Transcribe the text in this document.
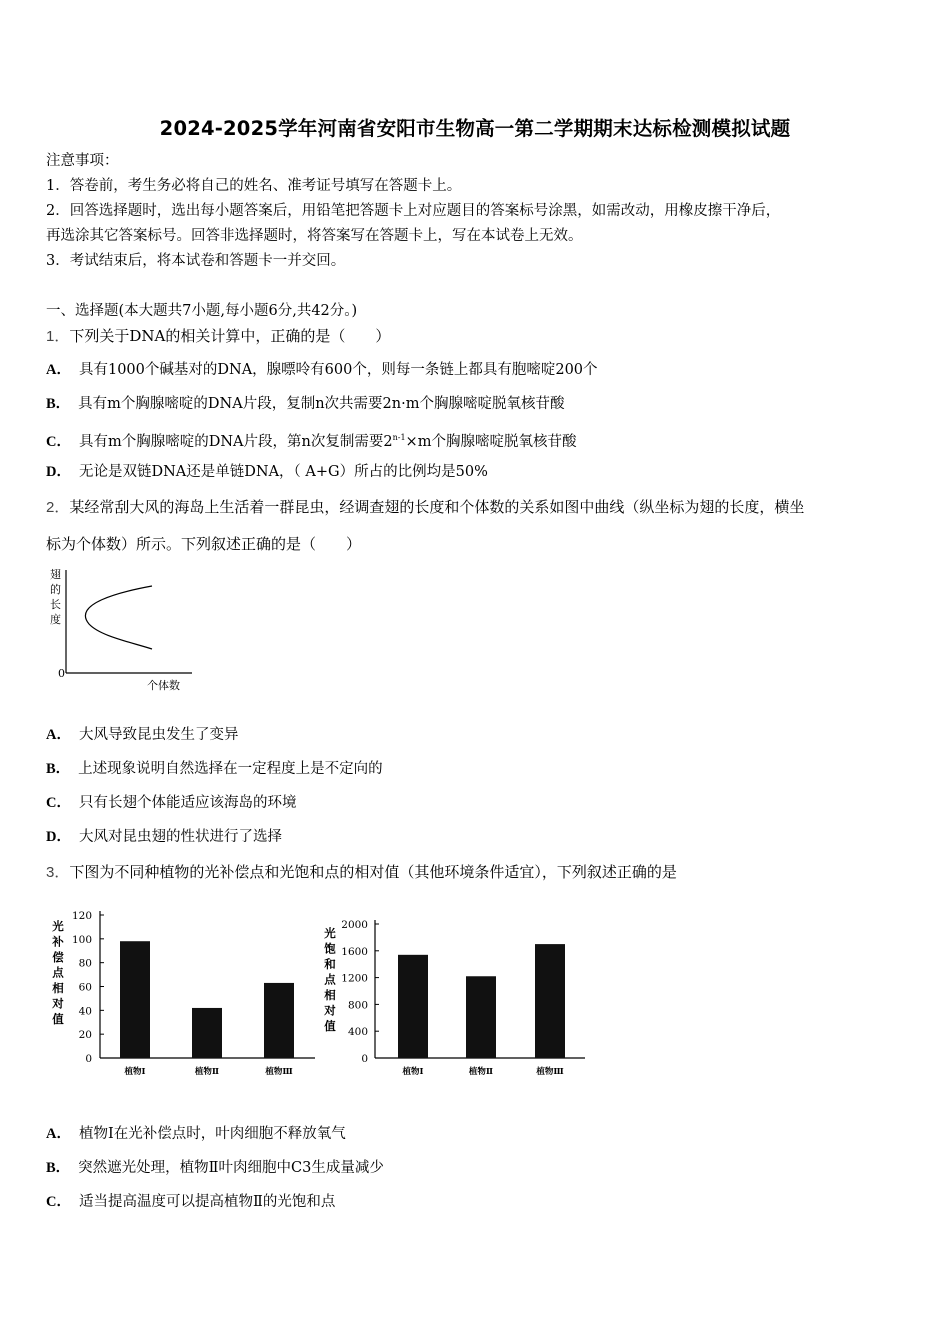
2024-2025学年河南省安阳市生物高一第二学期期末达标检测模拟试题
注意事项：
1．答卷前，考生务必将自己的姓名、准考证号填写在答题卡上。
2．回答选择题时，选出每小题答案后，用铅笔把答题卡上对应题目的答案标号涂黑，如需改动，用橡皮擦干净后，
再选涂其它答案标号。回答非选择题时，将答案写在答题卡上，写在本试卷上无效。
3．考试结束后，将本试卷和答题卡一并交回。
一、选择题(本大题共7小题,每小题6分,共42分。)
1．下列关于DNA的相关计算中，正确的是（　　）
A． 具有1000个碱基对的DNA，腺嘌呤有600个，则每一条链上都具有胞嘧啶200个
B． 具有m个胸腺嘧啶的DNA片段，复制n次共需要2n·m个胸腺嘧啶脱氧核苷酸
C． 具有m个胸腺嘧啶的DNA片段，第n次复制需要$2^{n-1}\times m$个胸腺嘧啶脱氧核苷酸
D． 无论是双链DNA还是单链DNA，（ A+G）所占的比例均是50%
2．某经常刮大风的海岛上生活着一群昆虫，经调查翅的长度和个体数的关系如图中曲线（纵坐标为翅的长度，横坐
标为个体数）所示。下列叙述正确的是（　　）
翅
的
长
度
0
个体数
A． 大风导致昆虫发生了变异
B． 上述现象说明自然选择在一定程度上是不定向的
C． 只有长翅个体能适应该海岛的环境
D． 大风对昆虫翅的性状进行了选择
3．下图为不同种植物的光补偿点和光饱和点的相对值（其他环境条件适宜），下列叙述正确的是
0
20
40
60
80
100
120
光
补
偿
点
相
对
值
植物Ⅰ	植物Ⅱ	植物Ⅲ
0
400
800
1200
1600
2000
光
饱
和
点
相
对
值
植物Ⅰ	植物Ⅱ	植物Ⅲ
A． 植物Ⅰ在光补偿点时，叶肉细胞不释放氧气
B． 突然遮光处理，植物Ⅱ叶肉细胞中C3生成量减少
C． 适当提高温度可以提高植物Ⅱ的光饱和点
